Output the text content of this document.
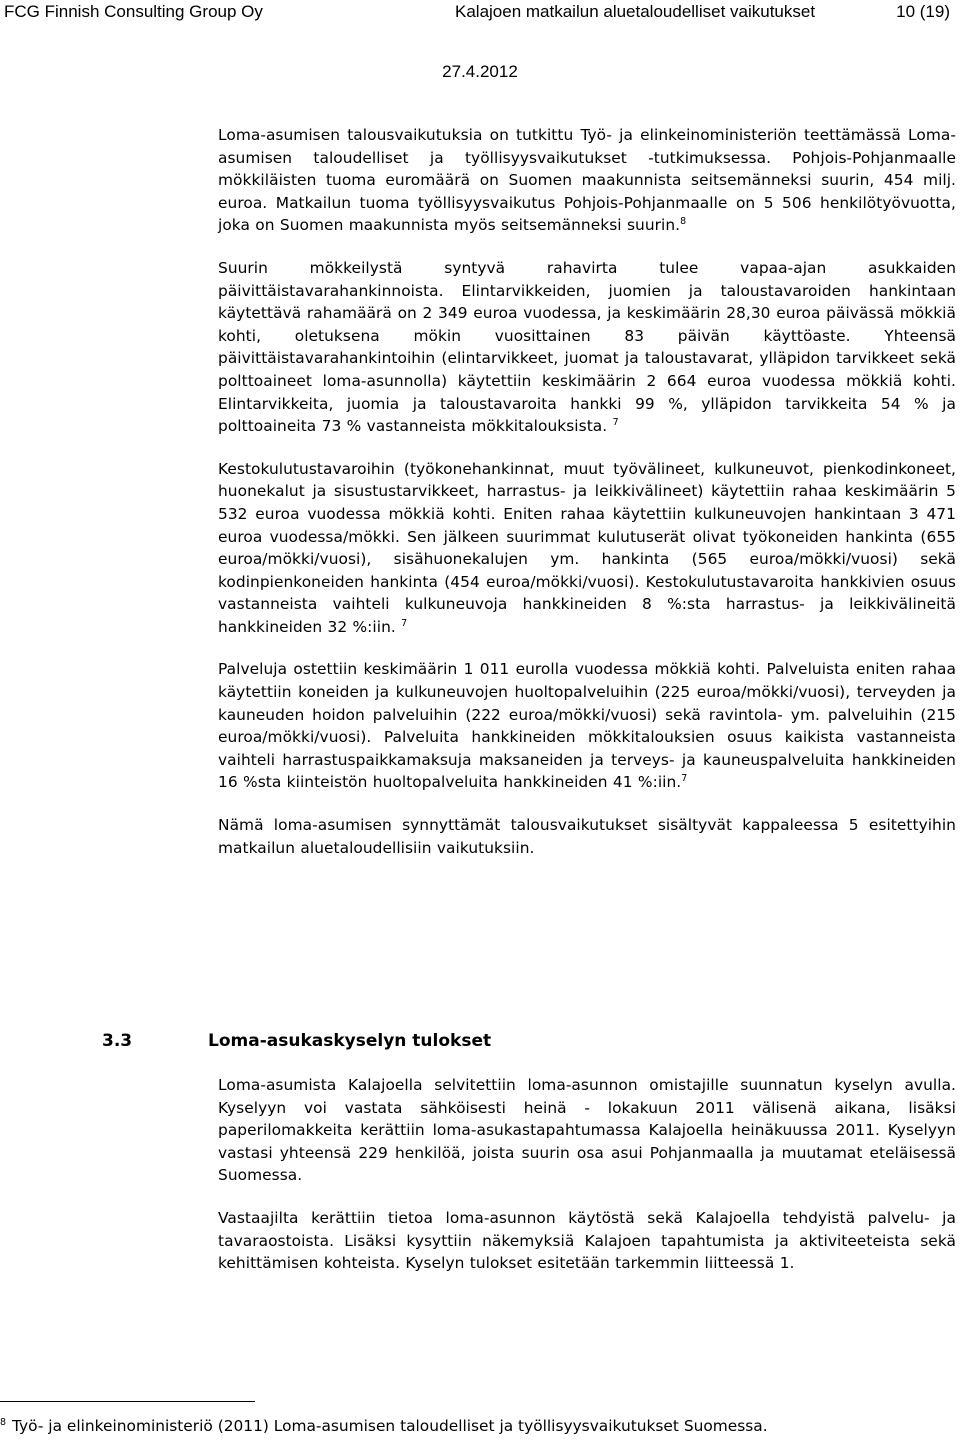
FCG Finnish Consulting Group Oy	Kalajoen matkailun aluetaloudelliset vaikutukset	10 (19)
27.4.2012

Loma-asumisen talousvaikutuksia on tutkittu Työ- ja elinkeinoministeriön teettämässä Loma-asumisen taloudelliset ja työllisyysvaikutukset -tutkimuksessa. Pohjois-Pohjanmaalle mökkiläisten tuoma euromäärä on Suomen maakunnista seitsemänneksi suurin, 454 milj. euroa. Matkailun tuoma työllisyysvaikutus Pohjois-Pohjanmaalle on 5 506 henkilötyövuotta, joka on Suomen maakunnista myös seitsemänneksi suurin.$^8$

Suurin mökkeilystä syntyvä rahavirta tulee vapaa-ajan asukkaiden päivittäistavarahankinnoista. Elintarvikkeiden, juomien ja taloustavaroiden hankintaan käytettävä rahamäärä on 2 349 euroa vuodessa, ja keskimäärin 28,30 euroa päivässä mökkiä kohti, oletuksena mökin vuosittainen 83 päivän käyttöaste. Yhteensä päivittäistavarahankintoihin (elintarvikkeet, juomat ja taloustavarat, ylläpidon tarvikkeet sekä polttoaineet loma-asunnolla) käytettiin keskimäärin 2 664 euroa vuodessa mökkiä kohti. Elintarvikkeita, juomia ja taloustavaroita hankki 99 %, ylläpidon tarvikkeita 54 % ja polttoaineita 73 % vastanneista mökkitalouksista. $^7$

Kestokulutustavaroihin (työkonehankinnat, muut työvälineet, kulkuneuvot, pienkodinkoneet, huonekalut ja sisustustarvikkeet, harrastus- ja leikkivälineet) käytettiin rahaa keskimäärin 5 532 euroa vuodessa mökkiä kohti. Eniten rahaa käytettiin kulkuneuvojen hankintaan 3 471 euroa vuodessa/mökki. Sen jälkeen suurimmat kulutuserät olivat työkoneiden hankinta (655 euroa/mökki/vuosi), sisähuonekalujen ym. hankinta (565 euroa/mökki/vuosi) sekä kodinpienkoneiden hankinta (454 euroa/mökki/vuosi). Kestokulutustavaroita hankkivien osuus vastanneista vaihteli kulkuneuvoja hankkineiden 8 %:sta harrastus- ja leikkivälineitä hankkineiden 32 %:iin. $^7$

Palveluja ostettiin keskimäärin 1 011 eurolla vuodessa mökkiä kohti. Palveluista eniten rahaa käytettiin koneiden ja kulkuneuvojen huoltopalveluihin (225 euroa/mökki/vuosi), terveyden ja kauneuden hoidon palveluihin (222 euroa/mökki/vuosi) sekä ravintola- ym. palveluihin (215 euroa/mökki/vuosi). Palveluita hankkineiden mökkitalouksien osuus kaikista vastanneista vaihteli harrastuspaikkamaksuja maksaneiden ja terveys- ja kauneuspalveluita hankkineiden 16 %sta kiinteistön huoltopalveluita hankkineiden 41 %:iin.$^7$

Nämä loma-asumisen synnyttämät talousvaikutukset sisältyvät kappaleessa 5 esitettyihin matkailun aluetaloudellisiin vaikutuksiin.

3.3	Loma-asukaskyselyn tulokset

Loma-asumista Kalajoella selvitettiin loma-asunnon omistajille suunnatun kyselyn avulla. Kyselyyn voi vastata sähköisesti heinä - lokakuun 2011 välisenä aikana, lisäksi paperilomakkeita kerättiin loma-asukastapahtumassa Kalajoella heinäkuussa 2011. Kyselyyn vastasi yhteensä 229 henkilöä, joista suurin osa asui Pohjanmaalla ja muutamat eteläisessä Suomessa.

Vastaajilta kerättiin tietoa loma-asunnon käytöstä sekä Kalajoella tehdyistä palvelu- ja tavaraostoista. Lisäksi kysyttiin näkemyksiä Kalajoen tapahtumista ja aktiviteeteista sekä kehittämisen kohteista. Kyselyn tulokset esitetään tarkemmin liitteessä 1.

$^8$ Työ- ja elinkeinoministeriö (2011) Loma-asumisen taloudelliset ja työllisyysvaikutukset Suomessa.
